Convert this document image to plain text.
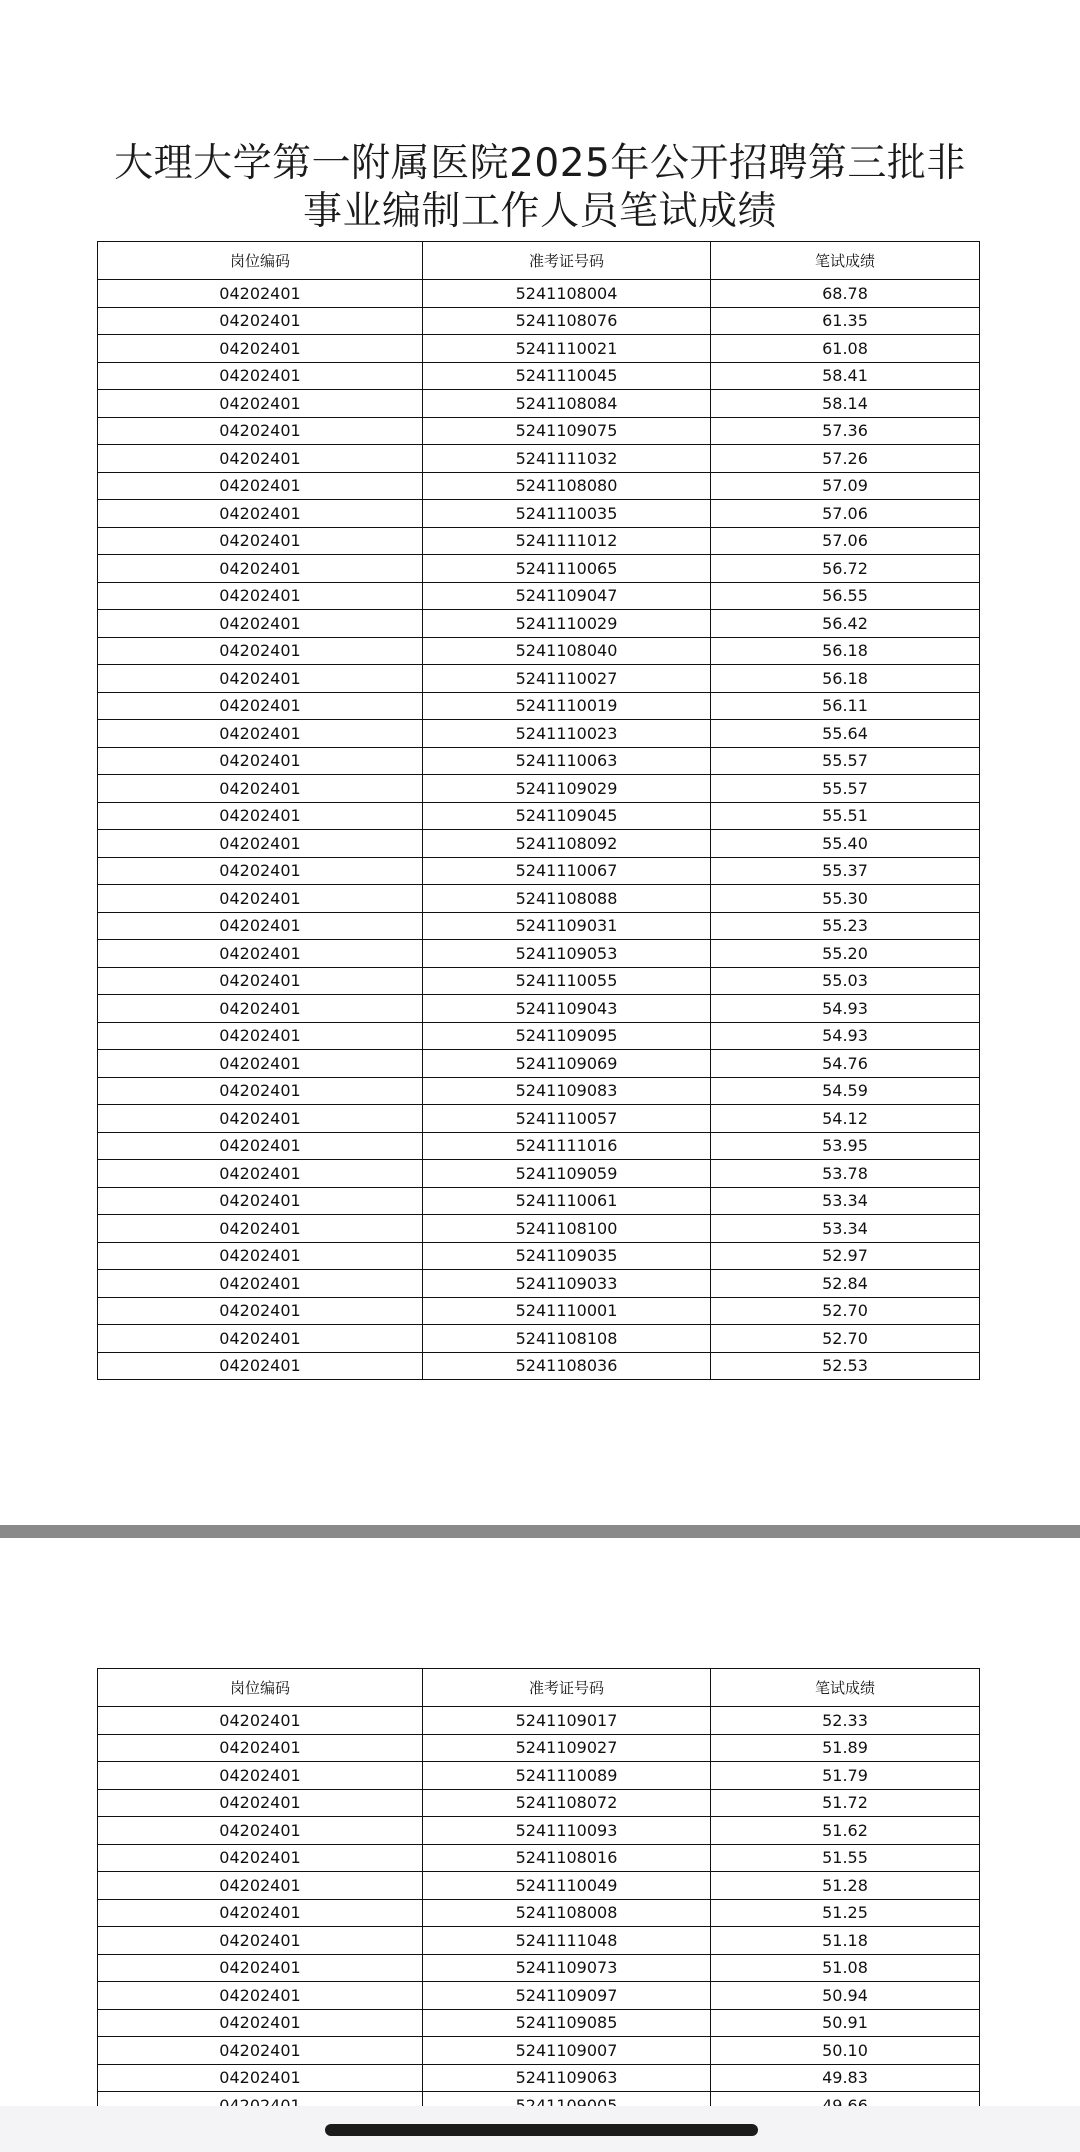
大理大学第一附属医院2025年公开招聘第三批非
事业编制工作人员笔试成绩
岗位编码	准考证号码	笔试成绩
04202401	5241108004	68.78
04202401	5241108076	61.35
04202401	5241110021	61.08
04202401	5241110045	58.41
04202401	5241108084	58.14
04202401	5241109075	57.36
04202401	5241111032	57.26
04202401	5241108080	57.09
04202401	5241110035	57.06
04202401	5241111012	57.06
04202401	5241110065	56.72
04202401	5241109047	56.55
04202401	5241110029	56.42
04202401	5241108040	56.18
04202401	5241110027	56.18
04202401	5241110019	56.11
04202401	5241110023	55.64
04202401	5241110063	55.57
04202401	5241109029	55.57
04202401	5241109045	55.51
04202401	5241108092	55.40
04202401	5241110067	55.37
04202401	5241108088	55.30
04202401	5241109031	55.23
04202401	5241109053	55.20
04202401	5241110055	55.03
04202401	5241109043	54.93
04202401	5241109095	54.93
04202401	5241109069	54.76
04202401	5241109083	54.59
04202401	5241110057	54.12
04202401	5241111016	53.95
04202401	5241109059	53.78
04202401	5241110061	53.34
04202401	5241108100	53.34
04202401	5241109035	52.97
04202401	5241109033	52.84
04202401	5241110001	52.70
04202401	5241108108	52.70
04202401	5241108036	52.53
岗位编码	准考证号码	笔试成绩
04202401	5241109017	52.33
04202401	5241109027	51.89
04202401	5241110089	51.79
04202401	5241108072	51.72
04202401	5241110093	51.62
04202401	5241108016	51.55
04202401	5241110049	51.28
04202401	5241108008	51.25
04202401	5241111048	51.18
04202401	5241109073	51.08
04202401	5241109097	50.94
04202401	5241109085	50.91
04202401	5241109007	50.10
04202401	5241109063	49.83
